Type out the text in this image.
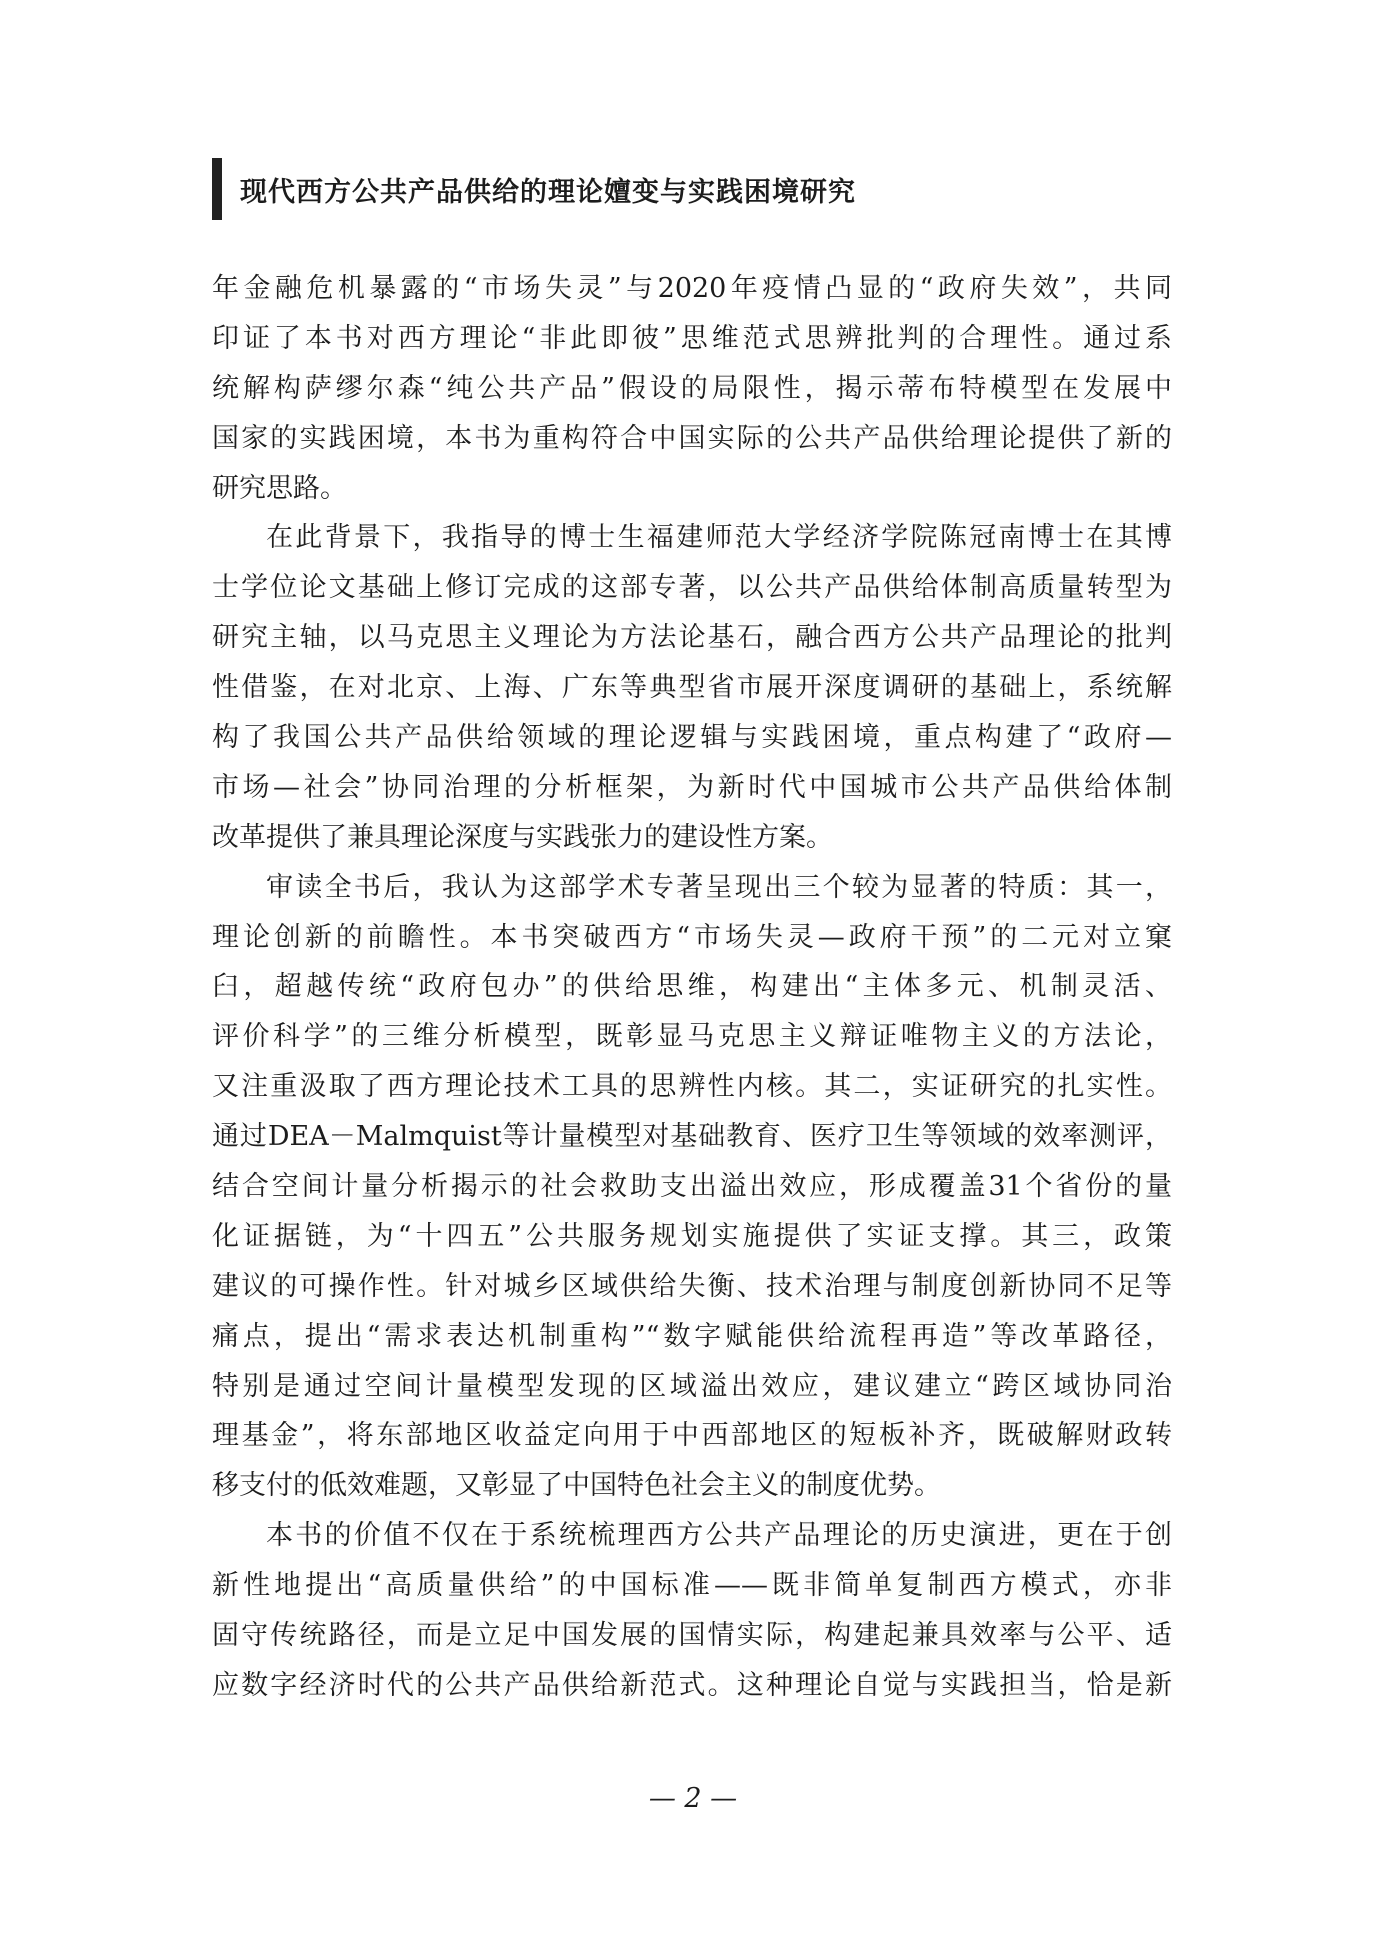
现代西方公共产品供给的理论嬗变与实践困境研究
年金融危机暴露的“市场失灵”与2020年疫情凸显的“政府失效”，共同
印证了本书对西方理论“非此即彼”思维范式思辨批判的合理性。通过系
统解构萨缪尔森“纯公共产品”假设的局限性，揭示蒂布特模型在发展中
国家的实践困境，本书为重构符合中国实际的公共产品供给理论提供了新的
研究思路。
在此背景下，我指导的博士生福建师范大学经济学院陈冠南博士在其博
士学位论文基础上修订完成的这部专著，以公共产品供给体制高质量转型为
研究主轴，以马克思主义理论为方法论基石，融合西方公共产品理论的批判
性借鉴，在对北京、上海、广东等典型省市展开深度调研的基础上，系统解
构了我国公共产品供给领域的理论逻辑与实践困境，重点构建了“政府—
市场—社会”协同治理的分析框架，为新时代中国城市公共产品供给体制
改革提供了兼具理论深度与实践张力的建设性方案。
审读全书后，我认为这部学术专著呈现出三个较为显著的特质：其一，
理论创新的前瞻性。本书突破西方“市场失灵—政府干预”的二元对立窠
臼，超越传统“政府包办”的供给思维，构建出“主体多元、机制灵活、
评价科学”的三维分析模型，既彰显马克思主义辩证唯物主义的方法论，
又注重汲取了西方理论技术工具的思辨性内核。其二，实证研究的扎实性。
通过DEA－Malmquist等计量模型对基础教育、医疗卫生等领域的效率测评，
结合空间计量分析揭示的社会救助支出溢出效应，形成覆盖31个省份的量
化证据链，为“十四五”公共服务规划实施提供了实证支撑。其三，政策
建议的可操作性。针对城乡区域供给失衡、技术治理与制度创新协同不足等
痛点，提出“需求表达机制重构”“数字赋能供给流程再造”等改革路径，
特别是通过空间计量模型发现的区域溢出效应，建议建立“跨区域协同治
理基金”，将东部地区收益定向用于中西部地区的短板补齐，既破解财政转
移支付的低效难题，又彰显了中国特色社会主义的制度优势。
本书的价值不仅在于系统梳理西方公共产品理论的历史演进，更在于创
新性地提出“高质量供给”的中国标准——既非简单复制西方模式，亦非
固守传统路径，而是立足中国发展的国情实际，构建起兼具效率与公平、适
应数字经济时代的公共产品供给新范式。这种理论自觉与实践担当，恰是新
— 2 —
